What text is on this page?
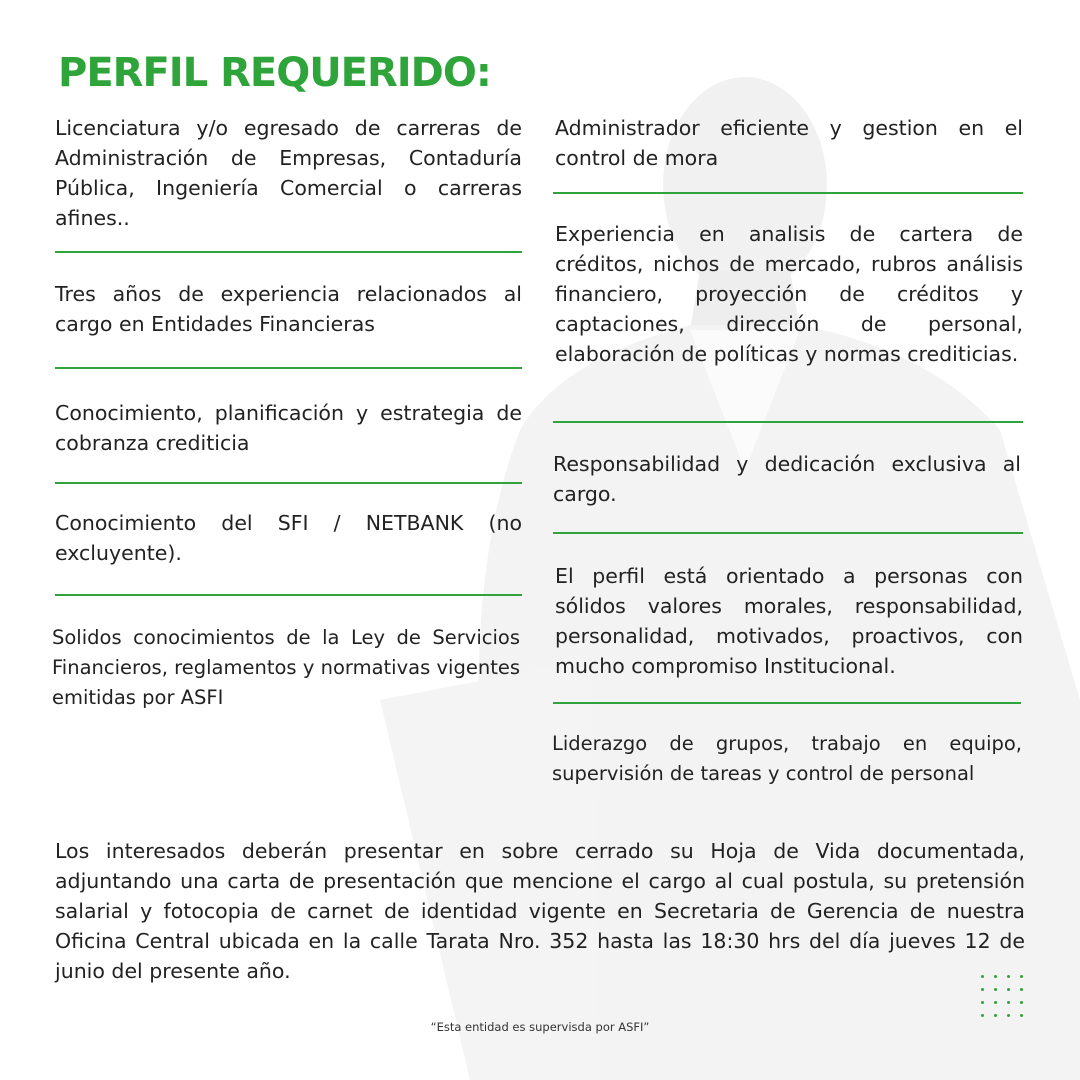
PERFIL REQUERIDO:

Licenciatura y/o egresado de carreras de Administración de Empresas, Contaduría Pública, Ingeniería Comercial o carreras afines..

Tres años de experiencia relacionados al cargo en Entidades Financieras

Conocimiento, planificación y estrategia de cobranza crediticia

Conocimiento del SFI / NETBANK (no excluyente).

Solidos conocimientos de la Ley de Servicios Financieros, reglamentos y normativas vigentes emitidas por ASFI

Administrador eficiente y gestion en el control de mora

Experiencia en analisis de cartera de créditos, nichos de mercado, rubros análisis financiero, proyección de créditos y captaciones, dirección de personal, elaboración de políticas y normas crediticias.

Responsabilidad y dedicación exclusiva al cargo.

El perfil está orientado a personas con sólidos valores morales, responsabilidad, personalidad, motivados, proactivos, con mucho compromiso Institucional.

Liderazgo de grupos, trabajo en equipo, supervisión de tareas y control de personal

Los interesados deberán presentar en sobre cerrado su Hoja de Vida documentada, adjuntando una carta de presentación que mencione el cargo al cual postula, su pretensión salarial y fotocopia de carnet de identidad vigente en Secretaria de Gerencia de nuestra Oficina Central ubicada en la calle Tarata Nro. 352 hasta las 18:30 hrs del día jueves 12 de junio del presente año.

“Esta entidad es supervisda por ASFI”
